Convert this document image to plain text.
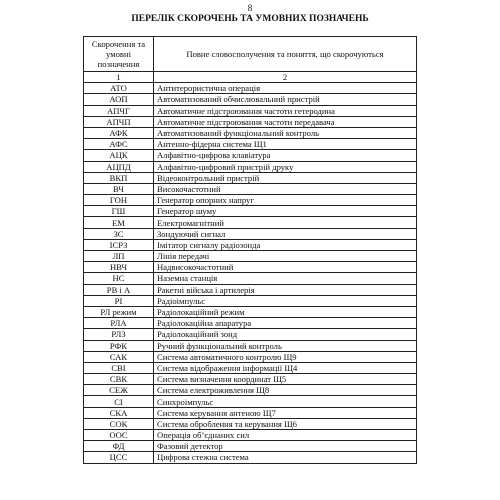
8
ПЕРЕЛІК СКОРОЧЕНЬ ТА УМОВНИХ ПОЗНАЧЕНЬ
Скорочення та умовні позначення	Повне словосполучення та поняття, що скорочуються
1	2
АТО	Антитерористична операція
АОП	Автоматизований обчислювальний пристрій
АПЧГ	Автоматичне підстроювання частоти гетеродина
АПЧП	Автоматичне підстроювання частоти передавача
АФК	Автоматизований функціональний контроль
АФС	Антенно-фідерна система Щ1
АЦК	Алфавітно-цифрова клавіатура
АЦПД	Алфавітно-цифровий пристрій друку
ВКП	Відеоконтрольний пристрій
ВЧ	Високочастотний
ГОН	Генератор опорних напруг
ГШ	Генератор шуму
ЕМ	Електромагнітний
ЗС	Зондуючий сигнал
ІСРЗ	Імітатор сигналу радіозонда
ЛП	Лінія передачі
НВЧ	Надвисокочастотний
НС	Наземна станція
РВ і А	Ракетні війська і артилерія
РІ	Радіоімпульс
РЛ режим	Радіолокаційний режим
РЛА	Радіолокаційна апаратура
РЛЗ	Радіолокаційний зонд
РФК	Ручний функціональний контроль
САК	Система автоматичного контролю Щ9
СВІ	Система відображення інформації Щ4
СВК	Система визначення координат Щ5
СЕЖ	Система електроживлення Щ8
СІ	Синхроімпульс
СКА	Система керування антеною Щ7
СОК	Система оброблення та керування Щ6
ООС	Операція об’єднаних сил
ФД	Фазовий детектор
ЦСС	Цифрова стежна система
